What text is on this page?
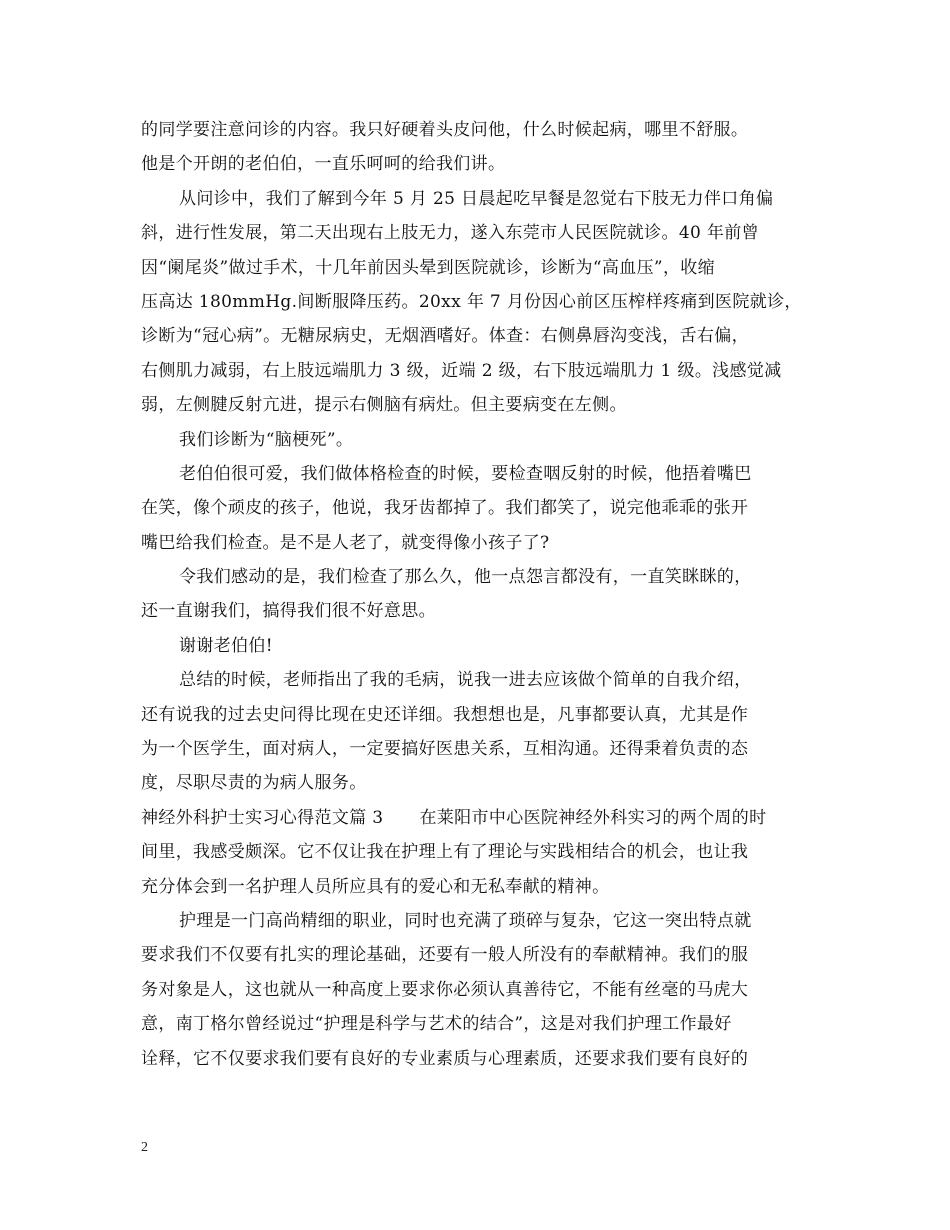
的同学要注意问诊的内容。我只好硬着头皮问他，什么时候起病，哪里不舒服。
他是个开朗的老伯伯，一直乐呵呵的给我们讲。
从问诊中，我们了解到今年 5 月 25 日晨起吃早餐是忽觉右下肢无力伴口角偏
斜，进行性发展，第二天出现右上肢无力，遂入东莞市人民医院就诊。40 年前曾
因“阑尾炎”做过手术，十几年前因头晕到医院就诊，诊断为“高血压”，收缩
压高达 180mmHg.间断服降压药。20xx 年 7 月份因心前区压榨样疼痛到医院就诊，
诊断为“冠心病”。无糖尿病史，无烟酒嗜好。体查：右侧鼻唇沟变浅，舌右偏，
右侧肌力减弱，右上肢远端肌力 3 级，近端 2 级，右下肢远端肌力 1 级。浅感觉减
弱，左侧腱反射亢进，提示右侧脑有病灶。但主要病变在左侧。
我们诊断为“脑梗死”。
老伯伯很可爱，我们做体格检查的时候，要检查咽反射的时候，他捂着嘴巴
在笑，像个顽皮的孩子，他说，我牙齿都掉了。我们都笑了，说完他乖乖的张开
嘴巴给我们检查。是不是人老了，就变得像小孩子了?
令我们感动的是，我们检查了那么久，他一点怨言都没有，一直笑眯眯的，
还一直谢我们，搞得我们很不好意思。
谢谢老伯伯!
总结的时候，老师指出了我的毛病，说我一进去应该做个简单的自我介绍，
还有说我的过去史问得比现在史还详细。我想想也是，凡事都要认真，尤其是作
为一个医学生，面对病人，一定要搞好医患关系，互相沟通。还得秉着负责的态
度，尽职尽责的为病人服务。
神经外科护士实习心得范文篇 3 在莱阳市中心医院神经外科实习的两个周的时
间里，我感受颇深。它不仅让我在护理上有了理论与实践相结合的机会，也让我
充分体会到一名护理人员所应具有的爱心和无私奉献的精神。
护理是一门高尚精细的职业，同时也充满了琐碎与复杂，它这一突出特点就
要求我们不仅要有扎实的理论基础，还要有一般人所没有的奉献精神。我们的服
务对象是人，这也就从一种高度上要求你必须认真善待它，不能有丝毫的马虎大
意，南丁格尔曾经说过“护理是科学与艺术的结合”，这是对我们护理工作最好
诠释，它不仅要求我们要有良好的专业素质与心理素质，还要求我们要有良好的
2
